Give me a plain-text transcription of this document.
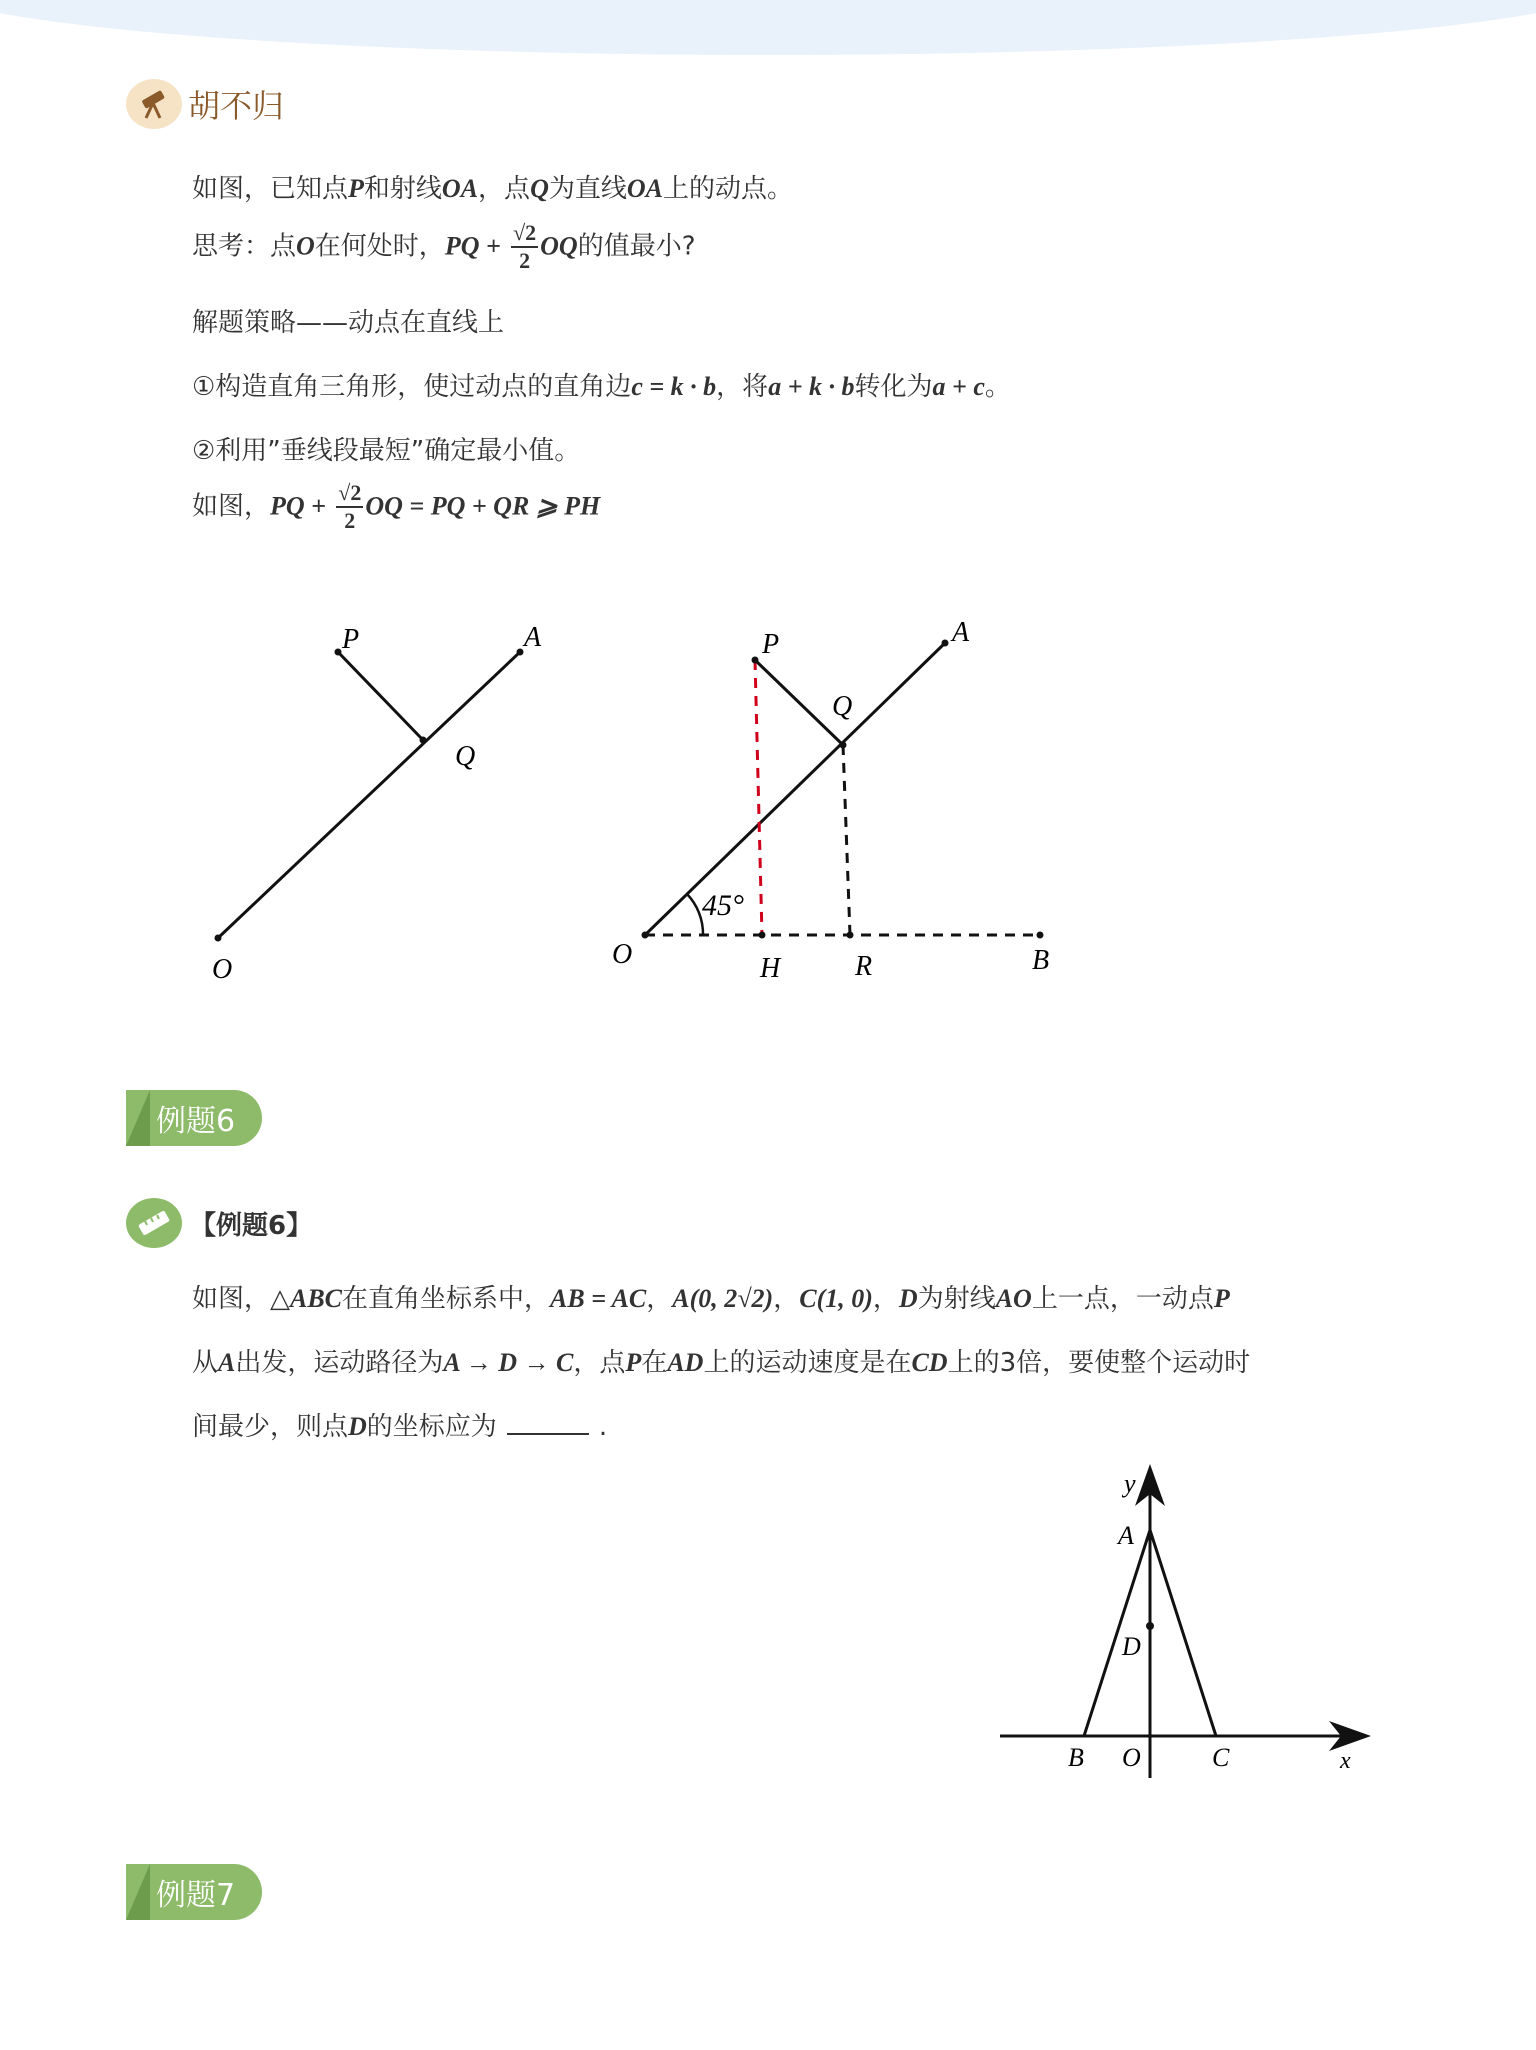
胡不归
如图，已知点P和射线OA，点Q为直线OA上的动点。
思考：点O在何处时，PQ + $\frac{√2}{2}$ OQ的值最小?
解题策略——动点在直线上
①构造直角三角形，使过动点的直角边c = k · b，将a + k · b转化为a + c。
②利用”垂线段最短”确定最小值。
如图，PQ + $\frac{√2}{2}$ OQ = PQ + QR ⩾ PH
P	A
Q
O
P	A
Q
45°
O	H	R	B
例题6
【例题6】
如图，△ABC在直角坐标系中，AB = AC，A(0, 2√2)，C(1, 0)，D为射线AO上一点，一动点P
从A出发，运动路径为A → D → C，点P在AD上的运动速度是在CD上的3倍，要使整个运动时
间最少，则点D的坐标应为	.
y
A
D
B O	C	x
例题7
